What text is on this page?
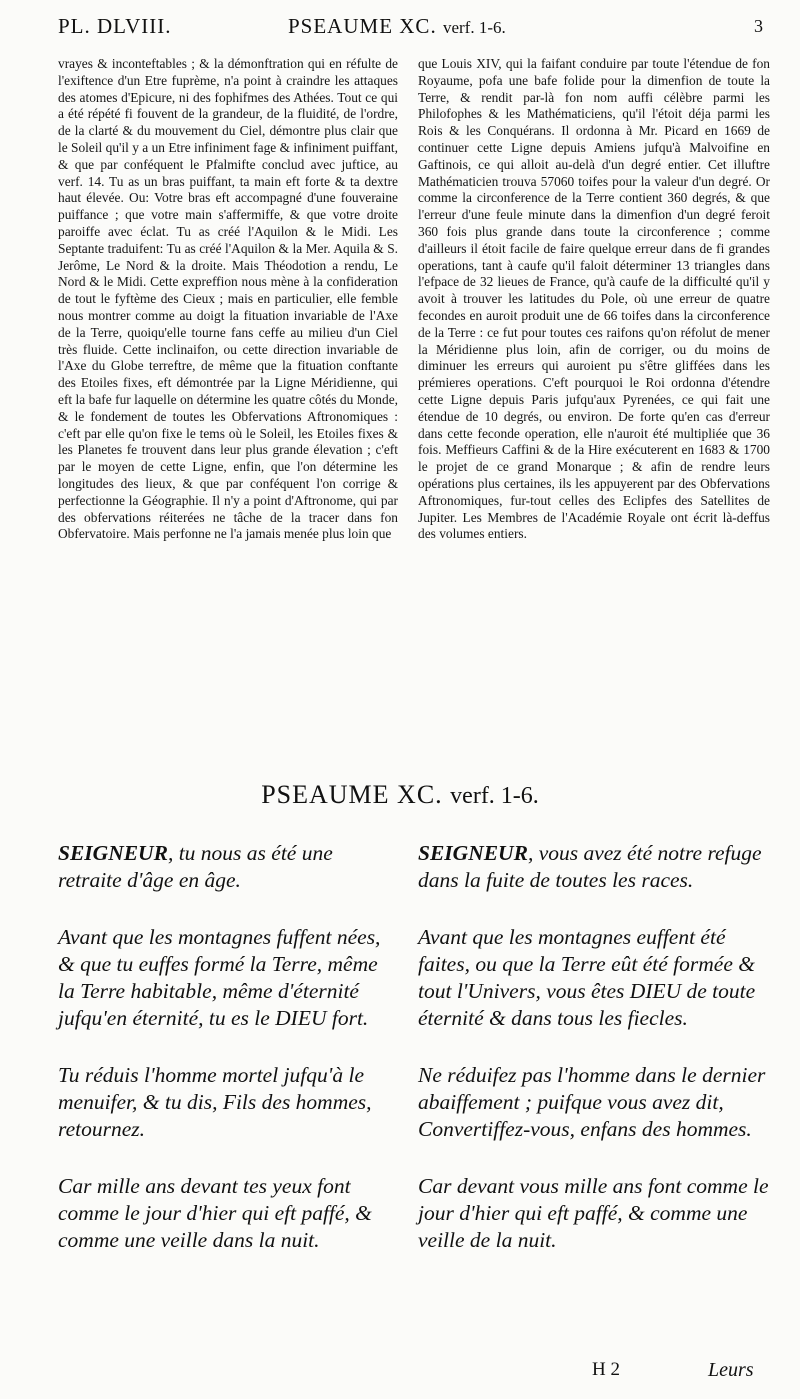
PL. DLVIII.	PSEAUME XC. verf. 1-6.	3

vrayes & inconteftables ; & la démonftration qui en réfulte de l'exiftence d'un Etre fuprème, n'a point à craindre les attaques des atomes d'Epicure, ni des fophifmes des Athées. Tout ce qui a été répété fi fouvent de la grandeur, de la fluidité, de l'ordre, de la clarté & du mouvement du Ciel, démontre plus clair que le Soleil qu'il y a un Etre infiniment fage & infiniment puiffant, & que par conféquent le Pfalmifte conclud avec juftice, au verf. 14. Tu as un bras puiffant, ta main eft forte & ta dextre haut élevée. Ou: Votre bras eft accompagné d'une fouveraine puiffance ; que votre main s'affermiffe, & que votre droite paroiffe avec éclat. Tu as créé l'Aquilon & le Midi. Les Septante traduifent: Tu as créé l'Aquilon & la Mer. Aquila & S. Jerôme, Le Nord & la droite. Mais Théodotion a rendu, Le Nord & le Midi. Cette expreffion nous mène à la confideration de tout le fyftème des Cieux ; mais en particulier, elle femble nous montrer comme au doigt la fituation invariable de l'Axe de la Terre, quoiqu'elle tourne fans ceffe au milieu d'un Ciel très fluide. Cette inclinaifon, ou cette direction invariable de l'Axe du Globe terreftre, de même que la fituation conftante des Etoiles fixes, eft démontrée par la Ligne Méridienne, qui eft la bafe fur laquelle on détermine les quatre côtés du Monde, & le fondement de toutes les Obfervations Aftronomiques : c'eft par elle qu'on fixe le tems où le Soleil, les Etoiles fixes & les Planetes fe trouvent dans leur plus grande élevation ; c'eft par le moyen de cette Ligne, enfin, que l'on détermine les longitudes des lieux, & que par conféquent l'on corrige & perfectionne la Géographie. Il n'y a point d'Aftronome, qui par des obfervations réiterées ne tâche de la tracer dans fon Obfervatoire. Mais perfonne ne l'a jamais menée plus loin que

que Louis XIV, qui la faifant conduire par toute l'étendue de fon Royaume, pofa une bafe folide pour la dimenfion de toute la Terre, & rendit par-là fon nom auffi célèbre parmi les Philofophes & les Mathématiciens, qu'il l'étoit déja parmi les Rois & les Conquérans. Il ordonna à Mr. Picard en 1669 de continuer cette Ligne depuis Amiens jufqu'à Malvoifine en Gaftinois, ce qui alloit au-delà d'un degré entier. Cet illuftre Mathématicien trouva 57060 toifes pour la valeur d'un degré. Or comme la circonference de la Terre contient 360 degrés, & que l'erreur d'une feule minute dans la dimenfion d'un degré feroit 360 fois plus grande dans toute la circonference ; comme d'ailleurs il étoit facile de faire quelque erreur dans de fi grandes operations, tant à caufe qu'il faloit déterminer 13 triangles dans l'efpace de 32 lieues de France, qu'à caufe de la difficulté qu'il y avoit à trouver les latitudes du Pole, où une erreur de quatre fecondes en auroit produit une de 66 toifes dans la circonference de la Terre : ce fut pour toutes ces raifons qu'on réfolut de mener la Méridienne plus loin, afin de corriger, ou du moins de diminuer les erreurs qui auroient pu s'être gliffées dans les prémieres operations. C'eft pourquoi le Roi ordonna d'étendre cette Ligne depuis Paris jufqu'aux Pyrenées, ce qui fait une étendue de 10 degrés, ou environ. De forte qu'en cas d'erreur dans cette feconde operation, elle n'auroit été multipliée que 36 fois. Meffieurs Caffini & de la Hire exécuterent en 1683 & 1700 le projet de ce grand Monarque ; & afin de rendre leurs opérations plus certaines, ils les appuyerent par des Obfervations Aftronomiques, fur-tout celles des Eclipfes des Satellites de Jupiter. Les Membres de l'Académie Royale ont écrit là-deffus des volumes entiers.

PSEAUME XC. verf. 1-6.

SEIGNEUR, tu nous as été une retraite d'âge en âge.

Avant que les montagnes fuffent nées, & que tu euffes formé la Terre, même la Terre habitable, même d'éternité jufqu'en éternité, tu es le DIEU fort.

Tu réduis l'homme mortel jufqu'à le menuifer, & tu dis, Fils des hommes, retournez.

Car mille ans devant tes yeux font comme le jour d'hier qui eft paffé, & comme une veille dans la nuit.

SEIGNEUR, vous avez été notre refuge dans la fuite de toutes les races.

Avant que les montagnes euffent été faites, ou que la Terre eût été formée & tout l'Univers, vous êtes DIEU de toute éternité & dans tous les fiecles.

Ne réduifez pas l'homme dans le dernier abaiffement ; puifque vous avez dit, Convertiffez-vous, enfans des hommes.

Car devant vous mille ans font comme le jour d'hier qui eft paffé, & comme une veille de la nuit.

H 2	Leurs
